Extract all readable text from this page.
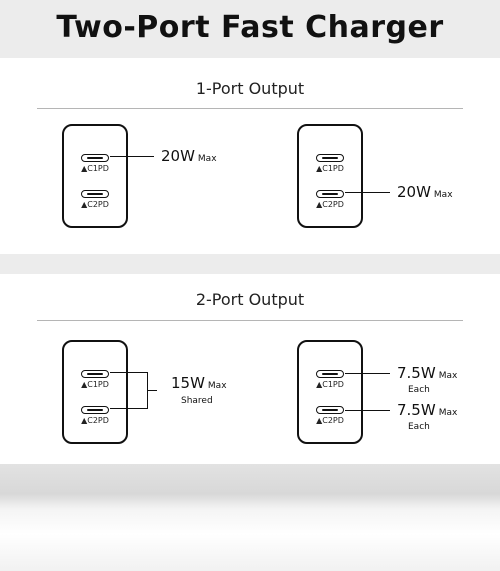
Two-Port Fast Charger
1-Port Output
▲C1PD
▲C2PD
20W Max
▲C1PD
▲C2PD
20W Max
2-Port Output
▲C1PD
▲C2PD
15W Max
Shared
▲C1PD
▲C2PD
7.5W Max
Each
7.5W Max
Each
